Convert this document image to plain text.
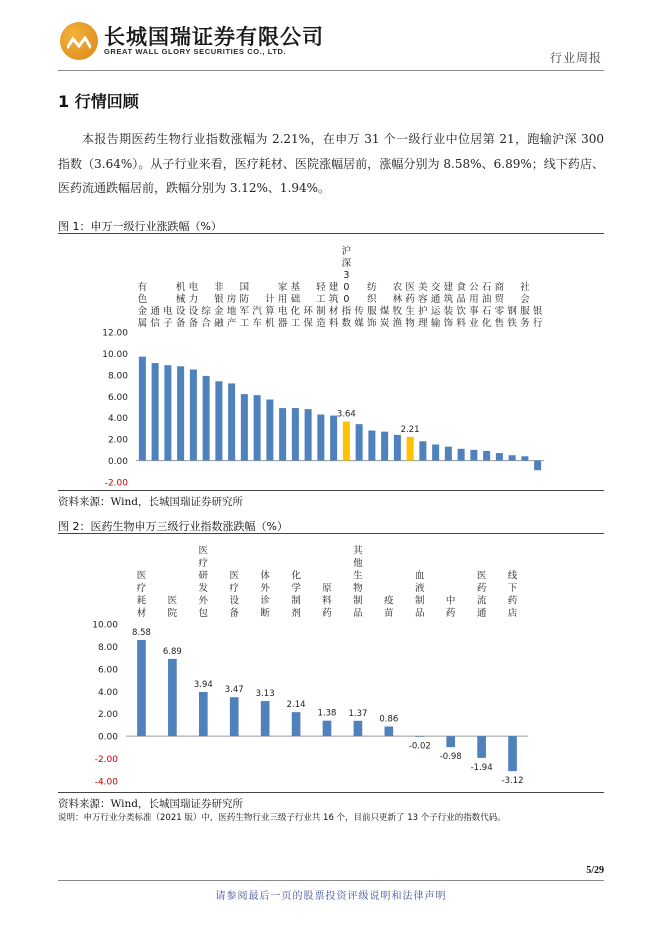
长城国瑞证券有限公司
GREAT WALL GLORY SECURITIES CO., LTD.	行业周报
1 行情回顾
本报告期医药生物行业指数涨幅为 2.21%，在申万 31 个一级行业中位居第 21，跑输沪深 300 指数（3.64%）。从子行业来看，医疗耗材、医院涨幅居前，涨幅分别为 8.58%、6.89%；线下药店、医药流通跌幅居前，跌幅分别为 3.12%、1.94%。
图 1：申万一级行业涨跌幅（%）
12.00
10.00
8.00
6.00
4.00
2.00
0.00
-2.00
有色金属
通信
电子
机械设备
电力设备
综合
非银金融
房地产
国防军工
汽车
计算机
家用电器
基础化工
环保
轻工制造
建筑材料
3.64
沪深 3 0 0 指数
传媒
纺织服饰
煤炭
农林牧渔
2.21
医药生物
美容护理
交通运输
建筑装饰
食品饮料
公用事业
石油石化
商贸零售
钢铁
社会服务
银行
资料来源：Wind，长城国瑞证券研究所
图 2：医药生物申万三级行业指数涨跌幅（%）
10.00
8.00
6.00
4.00
2.00
0.00
-2.00
-4.00
8.58
医疗耗材
6.89
医院
3.94
医疗研发外包
3.47
医疗设备
3.13
体外诊断
2.14
化学制剂
1.38
原料药
1.37
其他生物制品
0.86
疫苗
-0.02
血液制品
-0.98
中药
-1.94
医药流通
-3.12
线下药店
资料来源：Wind，长城国瑞证券研究所
说明：申万行业分类标准（2021 版）中，医药生物行业三级子行业共 16 个，目前只更新了 13 个子行业的指数代码。
5/29
请参阅最后一页的股票投资评级说明和法律声明
